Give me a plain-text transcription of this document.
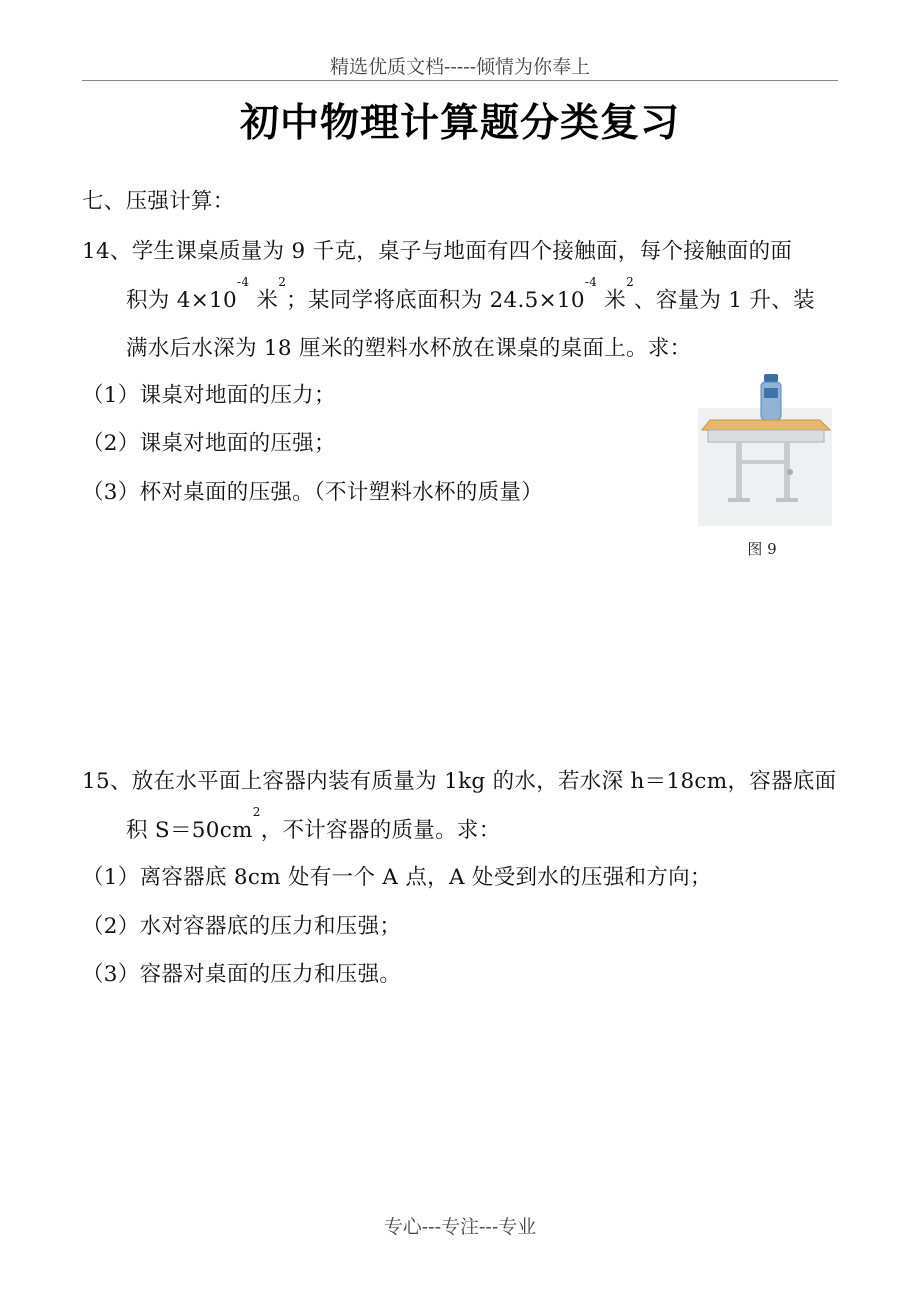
精选优质文档-----倾情为你奉上
初中物理计算题分类复习
七、压强计算：
14、学生课桌质量为 9 千克，桌子与地面有四个接触面，每个接触面的面
积为 $4\times 10^{-4}$ 米$^2$；某同学将底面积为 $24.5\times 10^{-4}$ 米$^2$、容量为 1 升、装
满水后水深为 18 厘米的塑料水杯放在课桌的桌面上。求：
（1）课桌对地面的压力；
（2）课桌对地面的压强；
（3）杯对桌面的压强。（不计塑料水杯的质量）
图 9
15、放在水平面上容器内装有质量为 1kg 的水，若水深 h＝18cm，容器底面
积 $S=50cm^2$，不计容器的质量。求：
（1）离容器底 8cm 处有一个 A 点，A 处受到水的压强和方向；
（2）水对容器底的压力和压强；
（3）容器对桌面的压力和压强。
专心---专注---专业
